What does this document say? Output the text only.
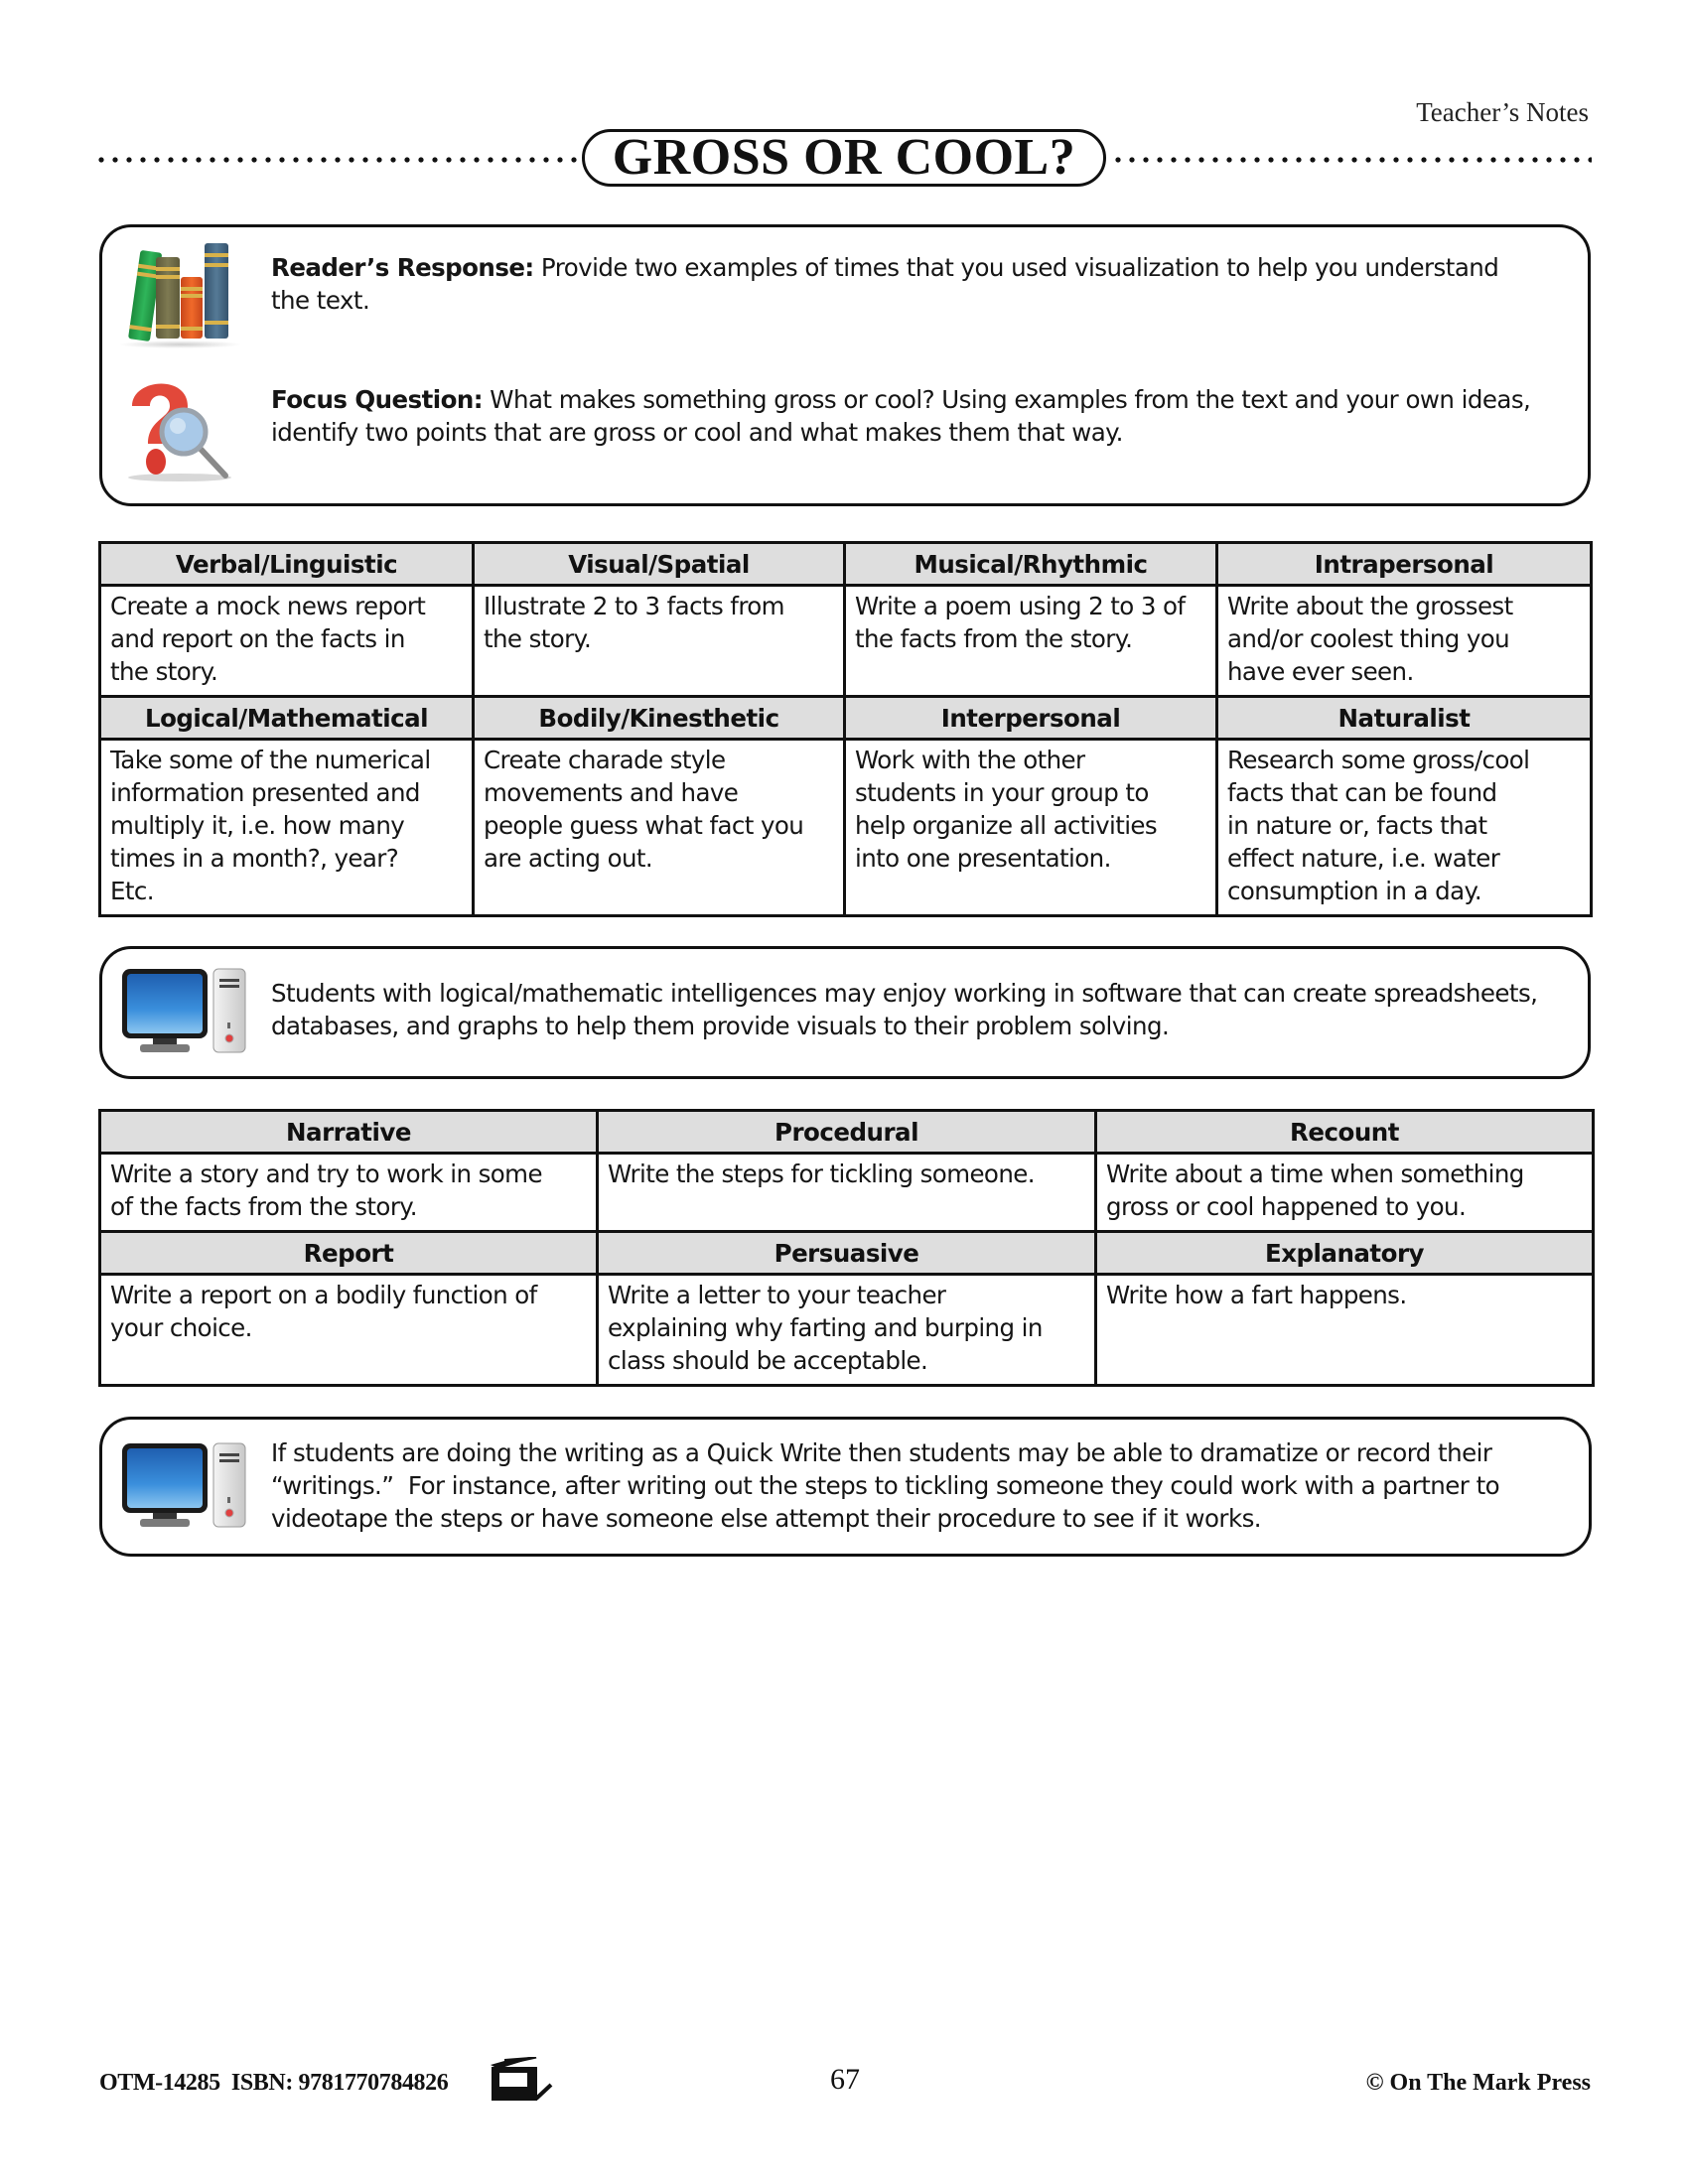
Teacher’s Notes
GROSS OR COOL?
Reader’s Response: Provide two examples of times that you used visualization to help you understand
the text.
Focus Question: What makes something gross or cool? Using examples from the text and your own ideas,
identify two points that are gross or cool and what makes them that way.
Verbal/Linguistic	Visual/Spatial	Musical/Rhythmic	Intrapersonal
Create a mock news report
and report on the facts in
the story.	Illustrate 2 to 3 facts from
the story.	Write a poem using 2 to 3 of
the facts from the story.	Write about the grossest
and/or coolest thing you
have ever seen.
Logical/Mathematical	Bodily/Kinesthetic	Interpersonal	Naturalist
Take some of the numerical
information presented and
multiply it, i.e. how many
times in a month?, year?
Etc.	Create charade style
movements and have
people guess what fact you
are acting out.	Work with the other
students in your group to
help organize all activities
into one presentation.	Research some gross/cool
facts that can be found
in nature or, facts that
effect nature, i.e. water
consumption in a day.
Students with logical/mathematic intelligences may enjoy working in software that can create spreadsheets,
databases, and graphs to help them provide visuals to their problem solving.
Narrative	Procedural	Recount
Write a story and try to work in some
of the facts from the story.	Write the steps for tickling someone.	Write about a time when something
gross or cool happened to you.
Report	Persuasive	Explanatory
Write a report on a bodily function of
your choice.	Write a letter to your teacher
explaining why farting and burping in
class should be acceptable.	Write how a fart happens.
If students are doing the writing as a Quick Write then students may be able to dramatize or record their
“writings.”  For instance, after writing out the steps to tickling someone they could work with a partner to
videotape the steps or have someone else attempt their procedure to see if it works.
OTM-14285  ISBN: 9781770784826	67	© On The Mark Press
